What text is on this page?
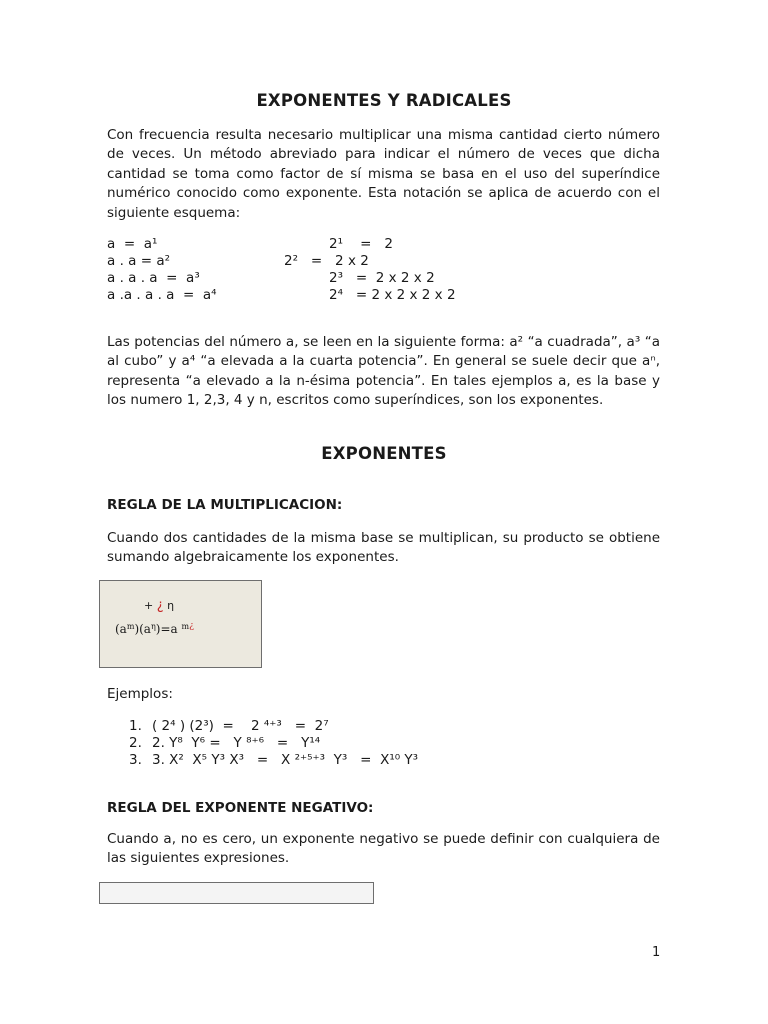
EXPONENTES Y RADICALES

Con frecuencia resulta necesario multiplicar una misma cantidad cierto número de veces. Un método abreviado para indicar el número de veces que dicha cantidad se toma como factor de sí misma se basa en el uso del superíndice numérico conocido como exponente. Esta notación se aplica de acuerdo con el siguiente esquema:

a  =  a¹
a . a = a²
a . a . a  =  a³
a .a . a . a  =  a⁴
2¹    =   2
2²   =   2 x 2
2³   =  2 x 2 x 2
2⁴   = 2 x 2 x 2 x 2

Las potencias del número a, se leen en la siguiente forma: a² “a cuadrada”, a³ “a al cubo” y a⁴ “a elevada a la cuarta potencia”. En general se suele decir que aⁿ, representa “a elevado a la n-ésima potencia”. En tales ejemplos a, es la base y los numero 1, 2,3, 4 y n, escritos como superíndices, son los exponentes.

EXPONENTES
REGLA DE LA MULTIPLICACION:

Cuando dos cantidades de la misma base se multiplican, su producto se obtiene sumando algebraicamente los exponentes.

+ ¿ η
$(a^m)(a^\eta)=a$ $^{m¿}$
Ejemplos:
1. ( 2⁴ ) (2³)  =    2 ⁴⁺³   =  2⁷
2. 2. Y⁸  Y⁶ =   Y ⁸⁺⁶   =   Y¹⁴
3. 3. X²  X⁵ Y³ X³   =   X ²⁺⁵⁺³  Y³   =  X¹⁰ Y³
REGLA DEL EXPONENTE NEGATIVO:

Cuando a, no es cero, un exponente negativo se puede definir con cualquiera de las siguientes expresiones.

1
